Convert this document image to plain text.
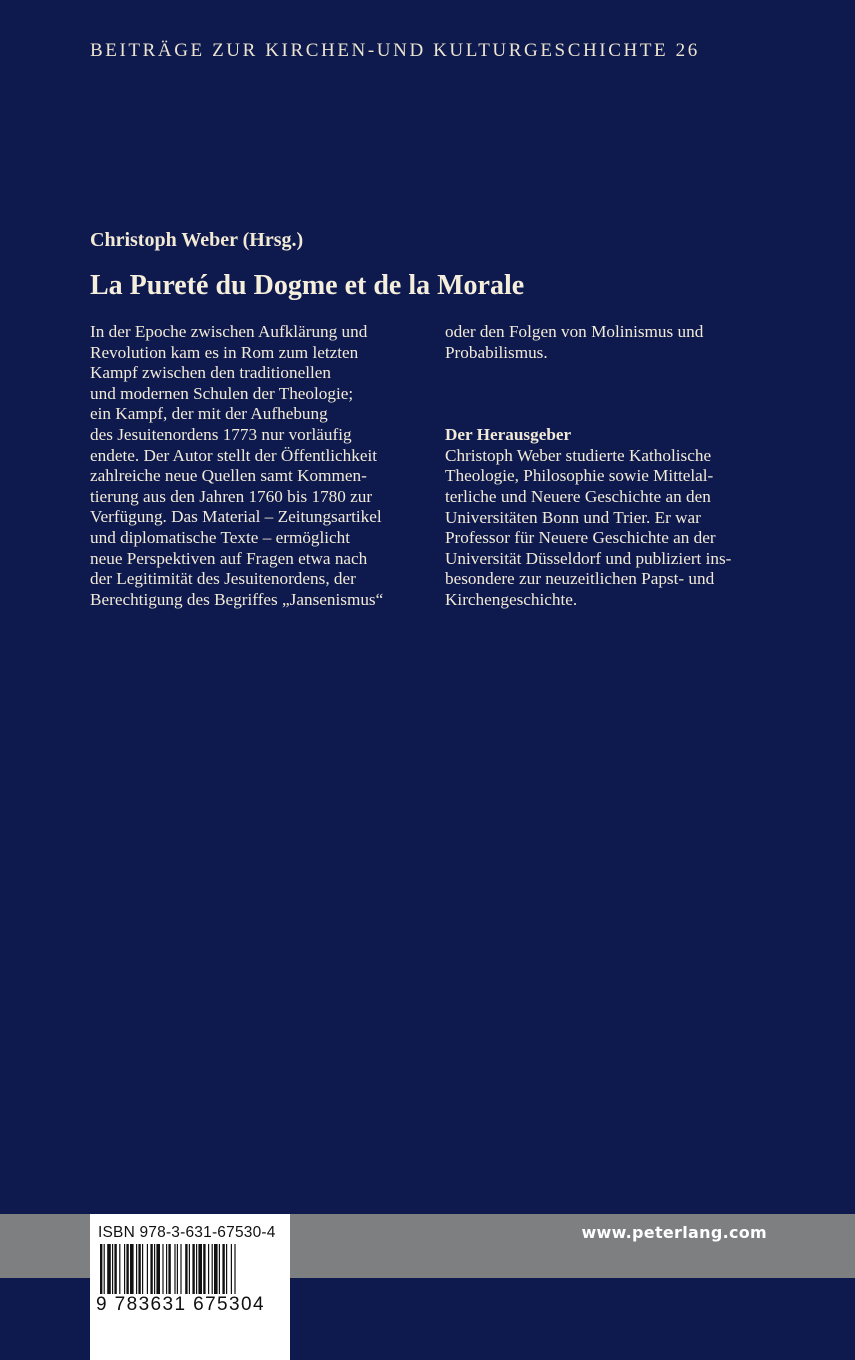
BEITRÄGE ZUR KIRCHEN-UND KULTURGESCHICHTE 26
Christoph Weber (Hrsg.)
La Pureté du Dogme et de la Morale
In der Epoche zwischen Aufklärung und
Revolution kam es in Rom zum letzten
Kampf zwischen den traditionellen
und modernen Schulen der Theologie;
ein Kampf, der mit der Aufhebung
des Jesuitenordens 1773 nur vorläufig
endete. Der Autor stellt der Öffentlichkeit
zahlreiche neue Quellen samt Kommen-
tierung aus den Jahren 1760 bis 1780 zur
Verfügung. Das Material – Zeitungsartikel
und diplomatische Texte – ermöglicht
neue Perspektiven auf Fragen etwa nach
der Legitimität des Jesuitenordens, der
Berechtigung des Begriffes „Jansenismus“
oder den Folgen von Molinismus und
Probabilismus.
Der Herausgeber
Christoph Weber studierte Katholische
Theologie, Philosophie sowie Mittelal-
terliche und Neuere Geschichte an den
Universitäten Bonn und Trier. Er war
Professor für Neuere Geschichte an der
Universität Düsseldorf und publiziert ins-
besondere zur neuzeitlichen Papst- und
Kirchengeschichte.
www.peterlang.com
ISBN 978-3-631-67530-4
9 783631 675304
